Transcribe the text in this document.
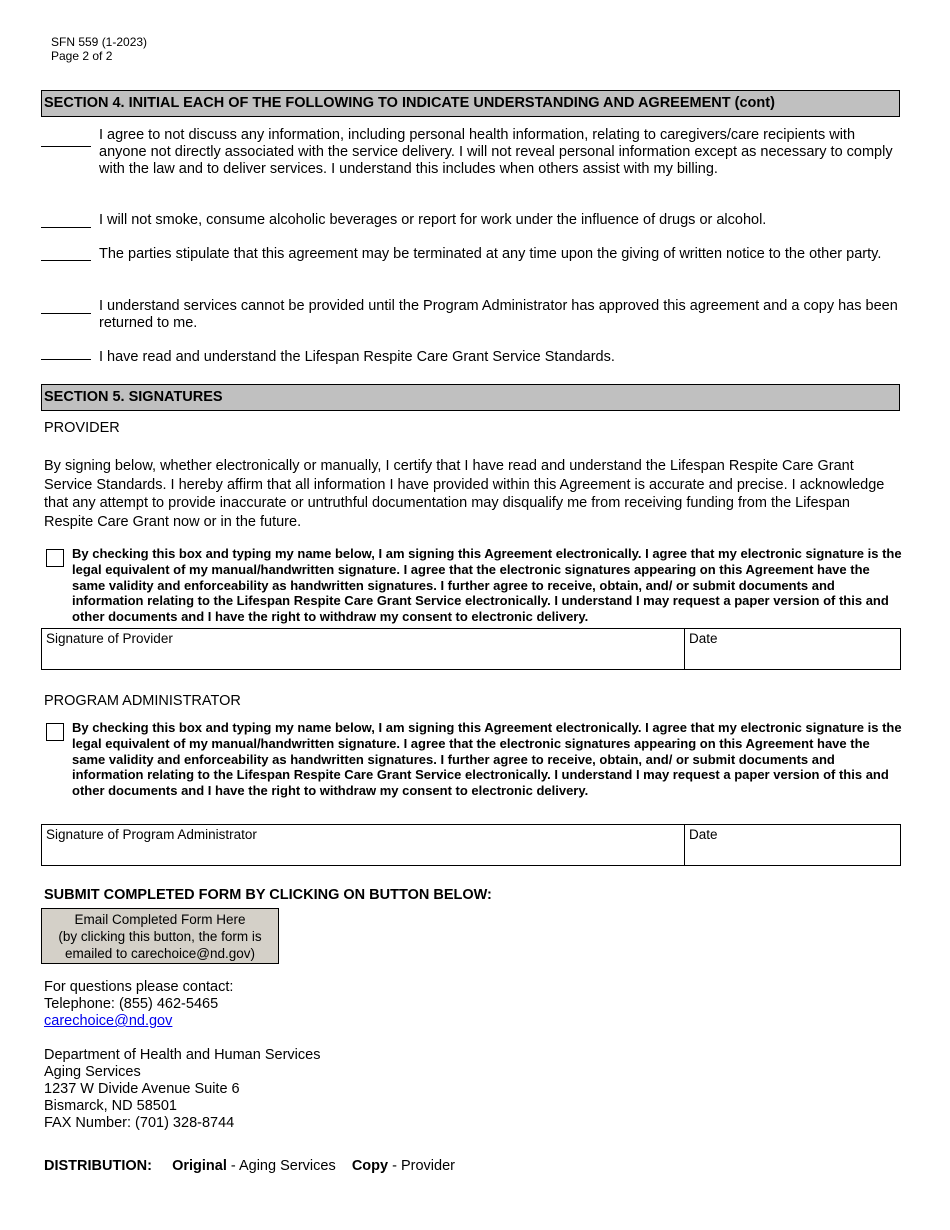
SFN 559 (1-2023)
Page 2 of 2
SECTION 4. INITIAL EACH OF THE FOLLOWING TO INDICATE UNDERSTANDING AND AGREEMENT (cont)
I agree to not discuss any information, including personal health information, relating to caregivers/care recipients with anyone not directly associated with the service delivery. I will not reveal personal information except as necessary to comply with the law and to deliver services. I understand this includes when others assist with my billing.
I will not smoke, consume alcoholic beverages or report for work under the influence of drugs or alcohol.
The parties stipulate that this agreement may be terminated at any time upon the giving of written notice to the other party.
I understand services cannot be provided until the Program Administrator has approved this agreement and a copy has been returned to me.
I have read and understand the Lifespan Respite Care Grant Service Standards.
SECTION 5. SIGNATURES
PROVIDER
By signing below, whether electronically or manually, I certify that I have read and understand the Lifespan Respite Care Grant Service Standards. I hereby affirm that all information I have provided within this Agreement is accurate and precise. I acknowledge that any attempt to provide inaccurate or untruthful documentation may disqualify me from receiving funding from the Lifespan Respite Care Grant now or in the future.
By checking this box and typing my name below, I am signing this Agreement electronically. I agree that my electronic signature is the legal equivalent of my manual/handwritten signature. I agree that the electronic signatures appearing on this Agreement have the same validity and enforceability as handwritten signatures. I further agree to receive, obtain, and/ or submit documents and information relating to the Lifespan Respite Care Grant Service electronically. I understand I may request a paper version of this and other documents and I have the right to withdraw my consent to electronic delivery.
Signature of Provider	Date
PROGRAM ADMINISTRATOR
By checking this box and typing my name below, I am signing this Agreement electronically. I agree that my electronic signature is the legal equivalent of my manual/handwritten signature. I agree that the electronic signatures appearing on this Agreement have the same validity and enforceability as handwritten signatures. I further agree to receive, obtain, and/ or submit documents and information relating to the Lifespan Respite Care Grant Service electronically. I understand I may request a paper version of this and other documents and I have the right to withdraw my consent to electronic delivery.
Signature of Program Administrator	Date
SUBMIT COMPLETED FORM BY CLICKING ON BUTTON BELOW:
Email Completed Form Here
(by clicking this button, the form is
emailed to carechoice@nd.gov)
For questions please contact:
Telephone: (855) 462-5465
carechoice@nd.gov
Department of Health and Human Services
Aging Services
1237 W Divide Avenue Suite 6
Bismarck, ND 58501
FAX Number: (701) 328-8744
DISTRIBUTION: Original - Aging Services Copy - Provider
